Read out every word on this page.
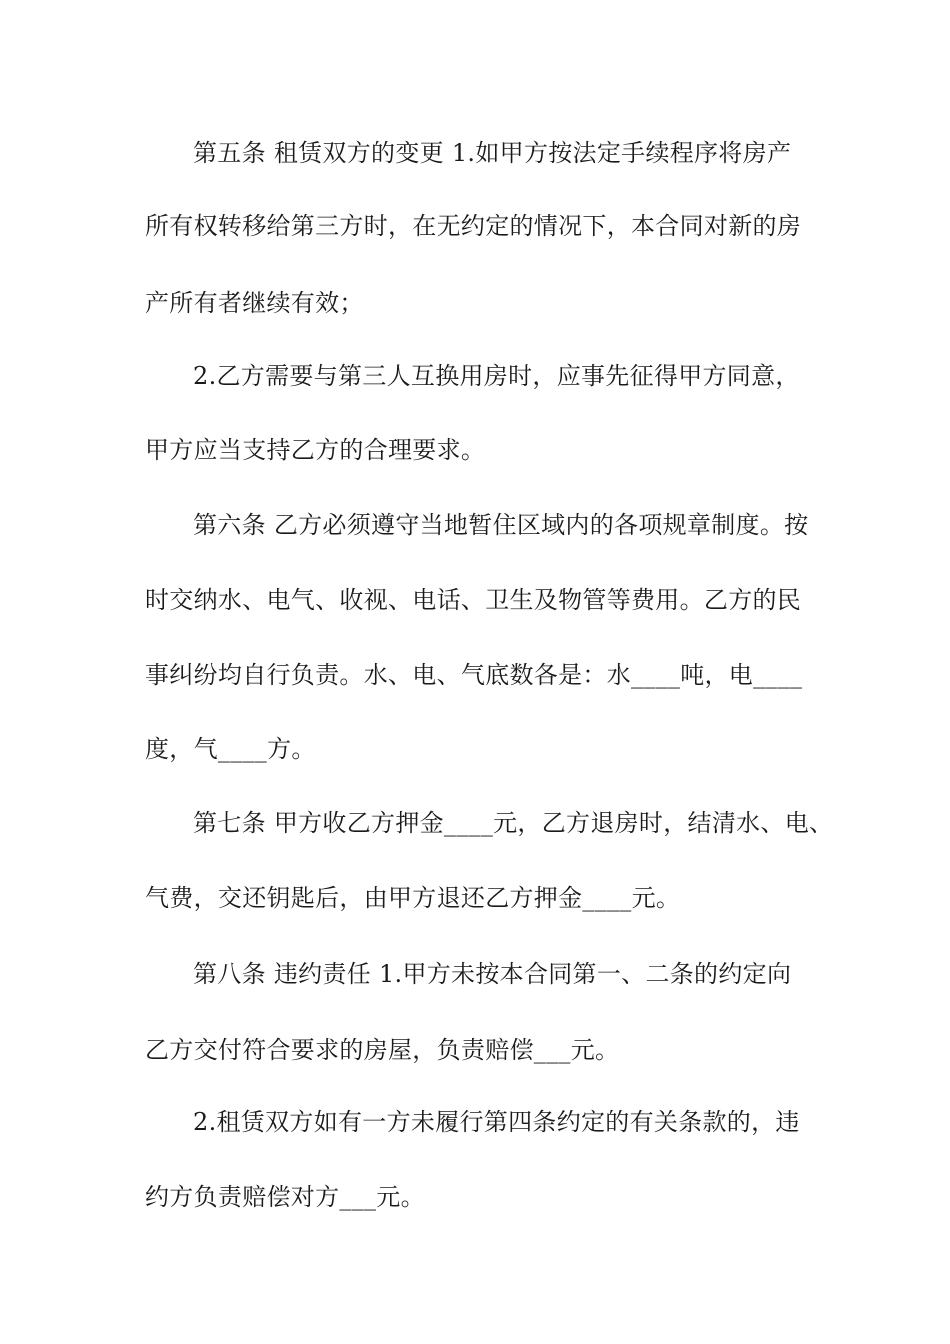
第五条 租赁双方的变更 1.如甲方按法定手续程序将房产
所有权转移给第三方时，在无约定的情况下，本合同对新的房
产所有者继续有效；
2.乙方需要与第三人互换用房时，应事先征得甲方同意，
甲方应当支持乙方的合理要求。
第六条 乙方必须遵守当地暂住区域内的各项规章制度。按
时交纳水、电气、收视、电话、卫生及物管等费用。乙方的民
事纠纷均自行负责。水、电、气底数各是：水____吨，电____
度，气____方。
第七条 甲方收乙方押金____元，乙方退房时，结清水、电、
气费，交还钥匙后，由甲方退还乙方押金____元。
第八条 违约责任 1.甲方未按本合同第一、二条的约定向
乙方交付符合要求的房屋，负责赔偿___元。
2.租赁双方如有一方未履行第四条约定的有关条款的，违
约方负责赔偿对方___元。
